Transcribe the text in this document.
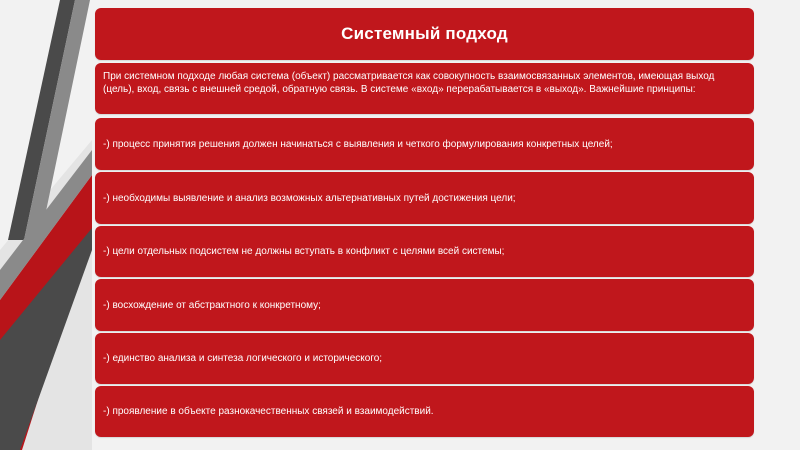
Системный подход
При системном подходе любая система (объект) рассматривается как совокупность взаимосвязанных элементов, имеющая выход (цель), вход, связь с внешней средой, обратную связь. В системе «вход» перерабатывается в «выход». Важнейшие принципы:
-) процесс принятия решения должен начинаться с выявления и четкого формулирования конкретных целей;
-) необходимы выявление и анализ возможных альтернативных путей достижения цели;
-) цели отдельных подсистем не должны вступать в конфликт с целями всей системы;
-) восхождение от абстрактного к конкретному;
-) единство анализа и синтеза логического и исторического;
-) проявление в объекте разнокачественных связей и взаимодействий.
